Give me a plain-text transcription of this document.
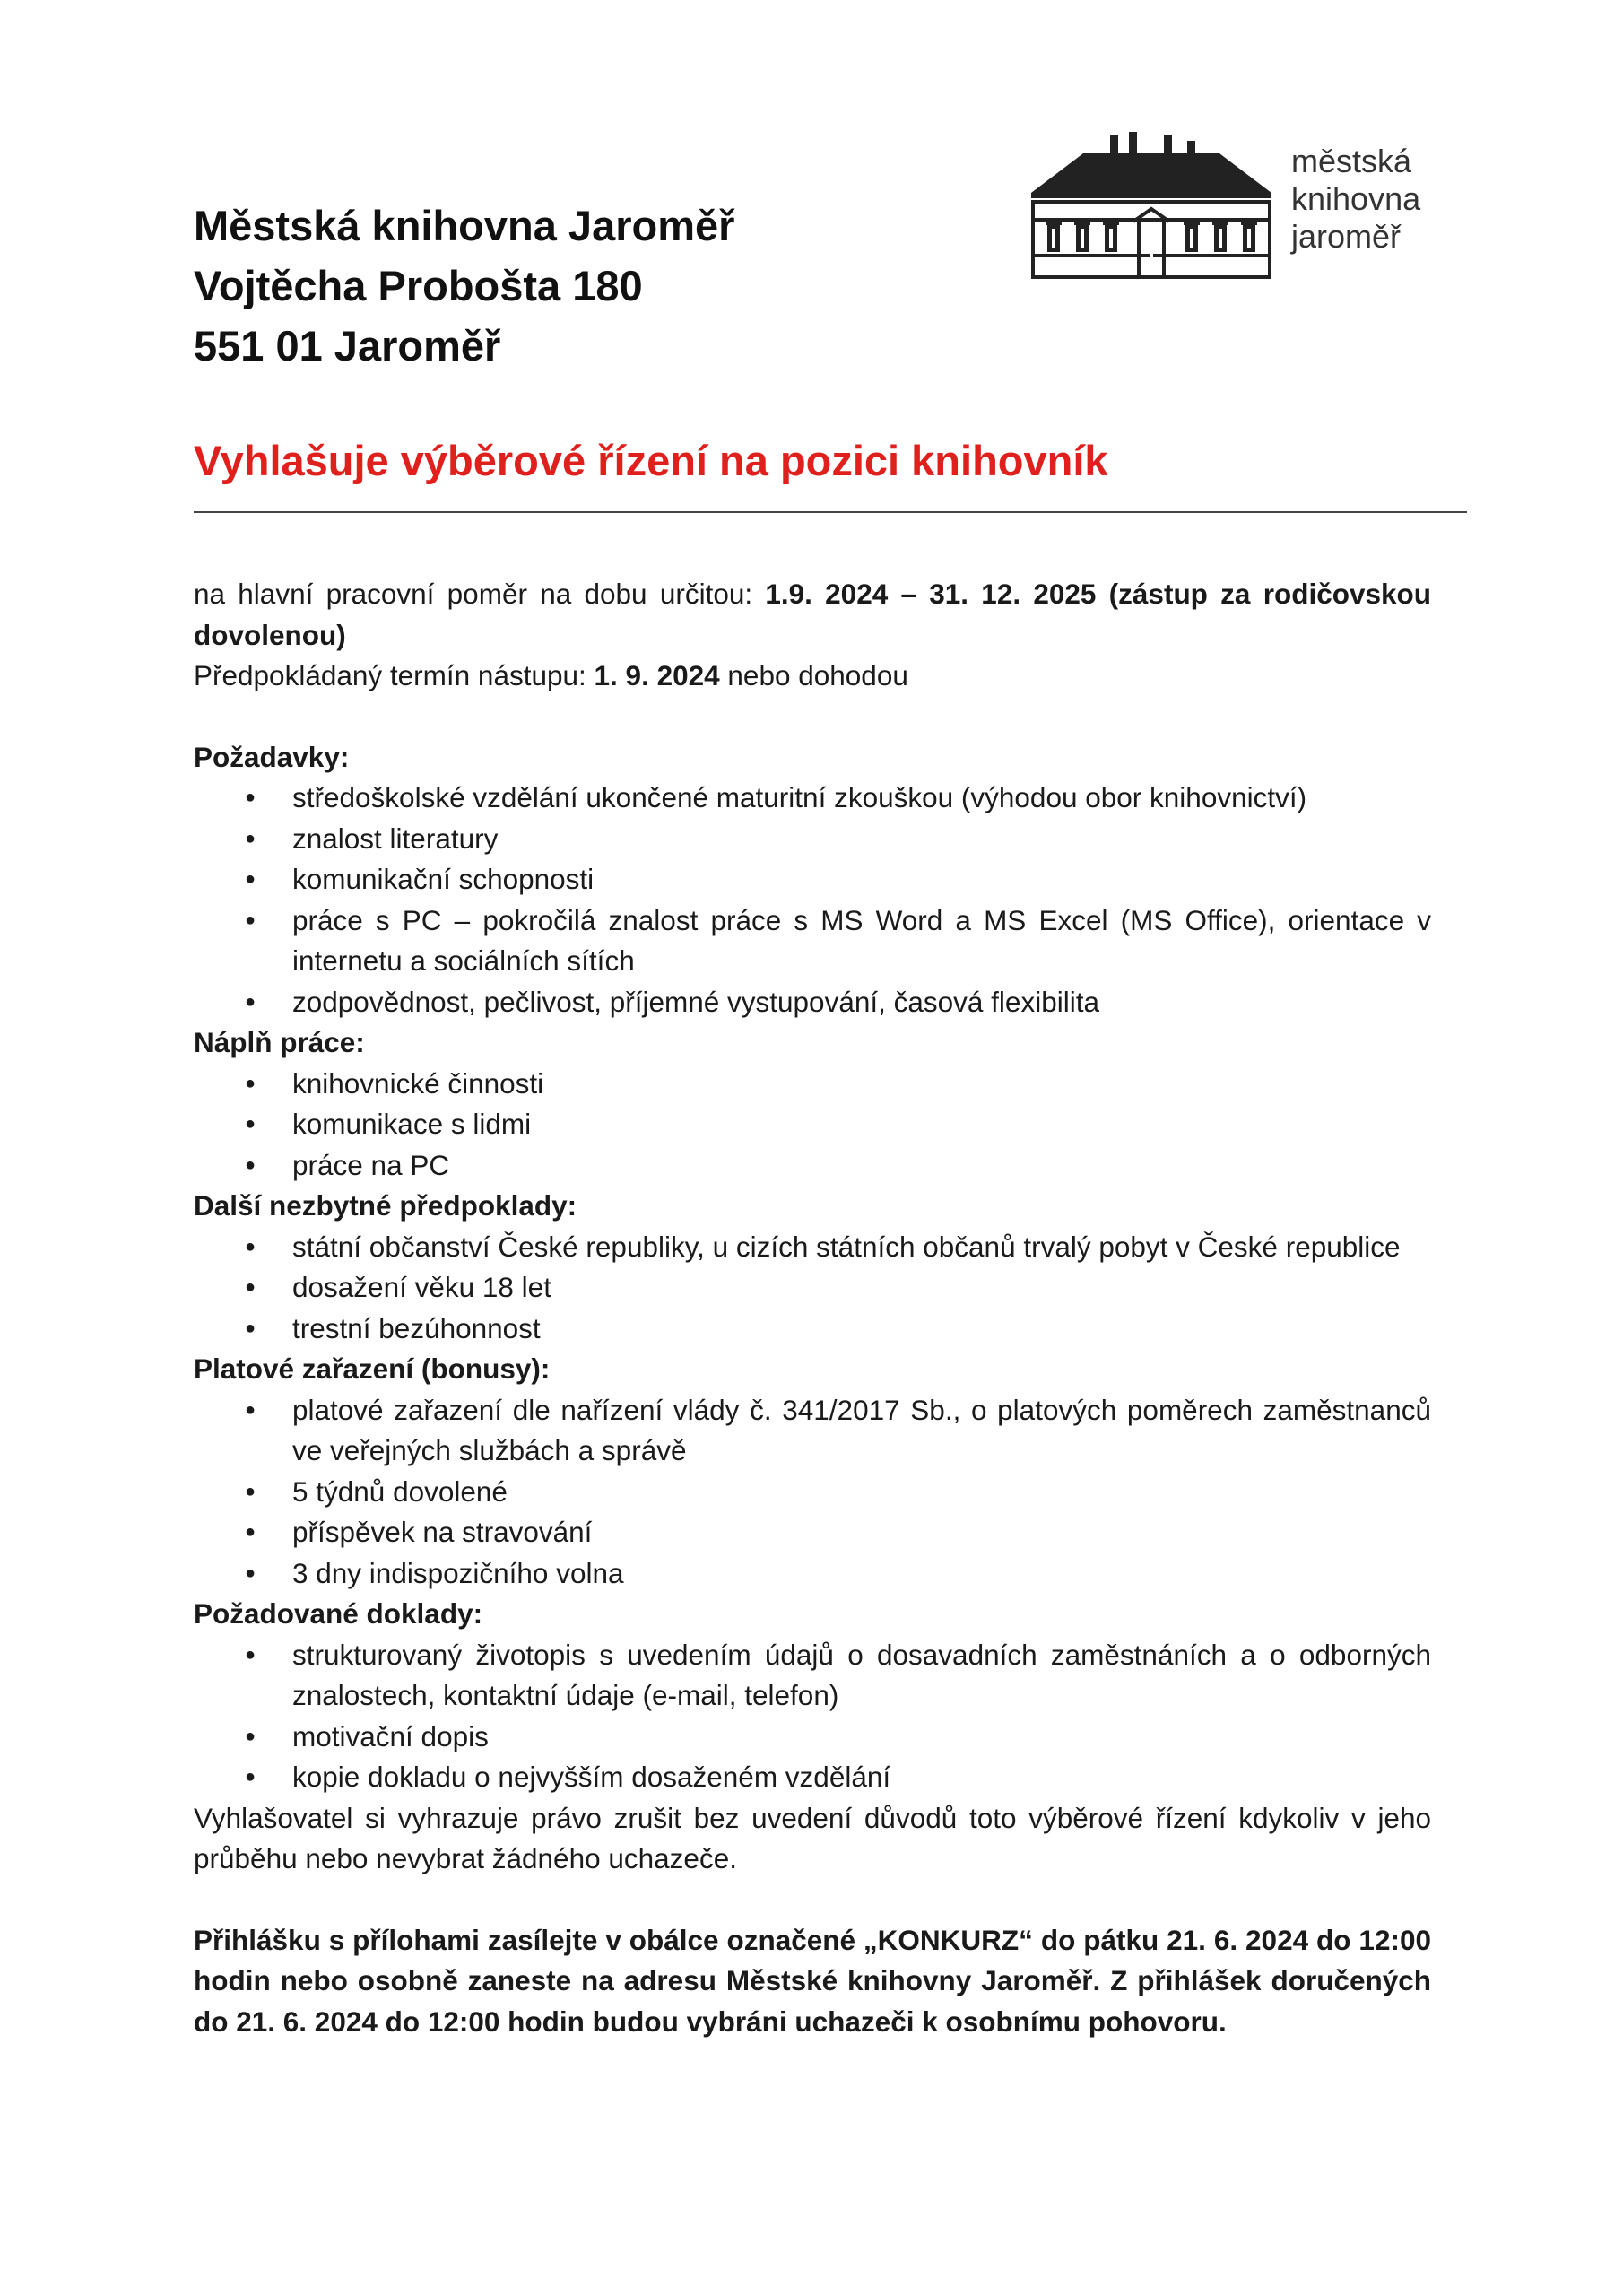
Městská knihovna Jaroměř
Vojtěcha Probošta 180
551 01 Jaroměř
městská
knihovna
jaroměř
Vyhlašuje výběrové řízení na pozici knihovník

na hlavní pracovní poměr na dobu určitou: 1.9. 2024 – 31. 12. 2025 (zástup za rodičovskou dovolenou)

Předpokládaný termín nástupu: 1. 9. 2024 nebo dohodou

Požadavky:

● středoškolské vzdělání ukončené maturitní zkouškou (výhodou obor knihovnictví)
● znalost literatury
● komunikační schopnosti
● práce s PC – pokročilá znalost práce s MS Word a MS Excel (MS Office), orientace v internetu a sociálních sítích
● zodpovědnost, pečlivost, příjemné vystupování, časová flexibilita

Náplň práce:

● knihovnické činnosti
● komunikace s lidmi
● práce na PC

Další nezbytné předpoklady:

● státní občanství České republiky, u cizích státních občanů trvalý pobyt v České republice
● dosažení věku 18 let
● trestní bezúhonnost

Platové zařazení (bonusy):

● platové zařazení dle nařízení vlády č. 341/2017 Sb., o platových poměrech zaměstnanců ve veřejných službách a správě
● 5 týdnů dovolené
● příspěvek na stravování
● 3 dny indispozičního volna

Požadované doklady:

● strukturovaný životopis s uvedením údajů o dosavadních zaměstnáních a o odborných znalostech, kontaktní údaje (e-mail, telefon)
● motivační dopis
● kopie dokladu o nejvyšším dosaženém vzdělání

Vyhlašovatel si vyhrazuje právo zrušit bez uvedení důvodů toto výběrové řízení kdykoliv v jeho průběhu nebo nevybrat žádného uchazeče.

Přihlášku s přílohami zasílejte v obálce označené „KONKURZ“ do pátku 21. 6. 2024 do 12:00 hodin nebo osobně zaneste na adresu Městské knihovny Jaroměř. Z přihlášek doručených do 21. 6. 2024 do 12:00 hodin budou vybráni uchazeči k osobnímu pohovoru.
